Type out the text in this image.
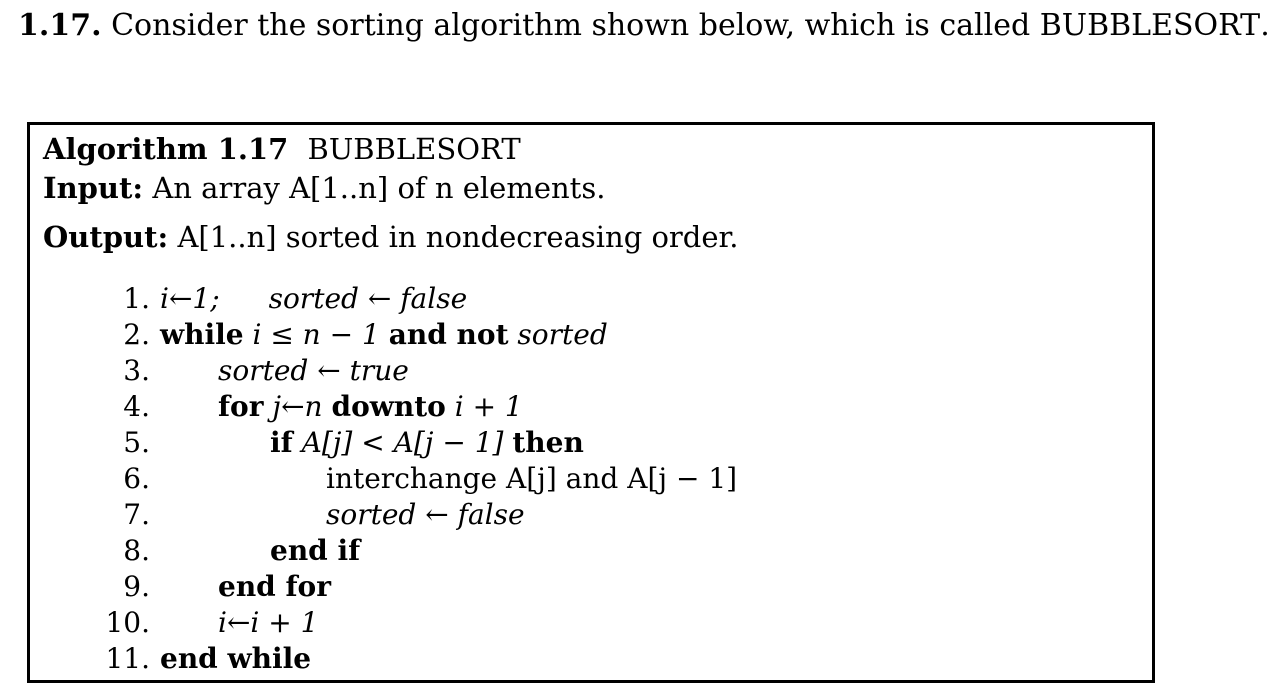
1.17. Consider the sorting algorithm shown below, which is called BUBBLESORT.
Algorithm 1.17 BUBBLESORT
Input: An array A[1..n] of n elements.
Output: A[1..n] sorted in nondecreasing order.
1. i←1; sorted ← false
2. while i ≤ n − 1 and not sorted
3. sorted ← true
4. for j←n downto i + 1
5.	if A[j] < A[j − 1] then
6.	interchange A[j] and A[j − 1]
7.	sorted ← false
8.	end if
9. end for
10. i←i + 1
11. end while
